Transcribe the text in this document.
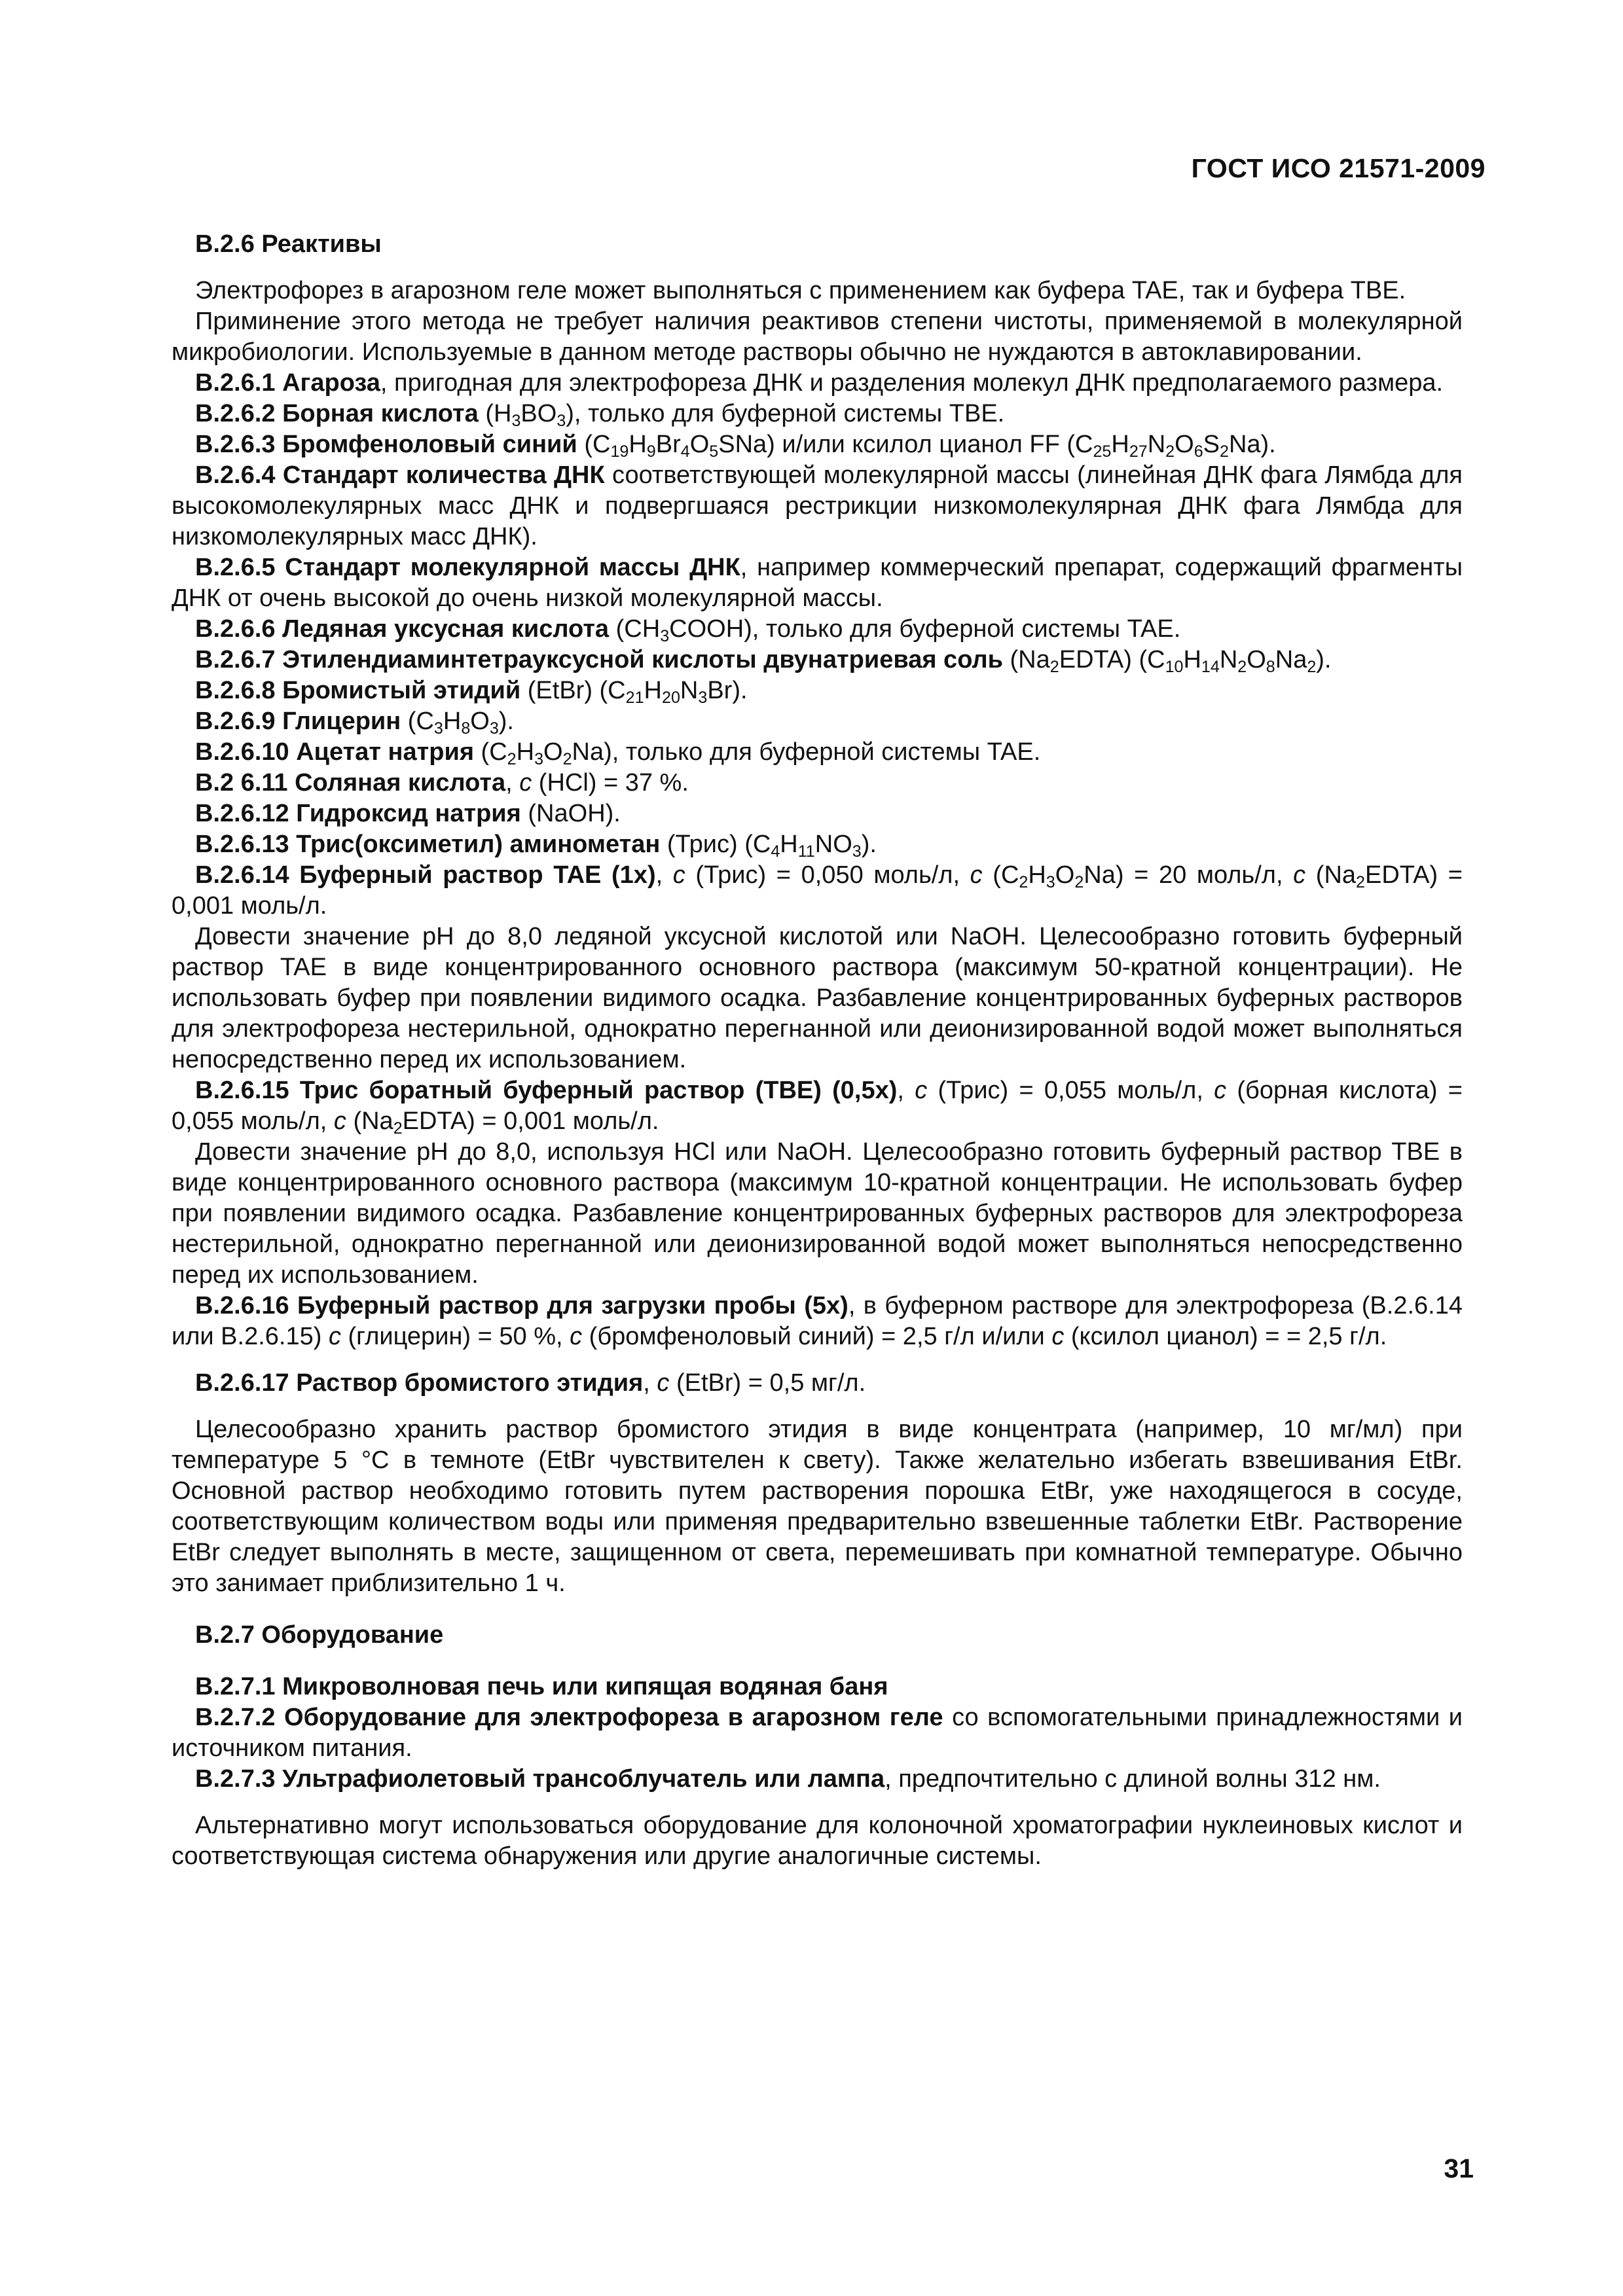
ГОСТ ИСО 21571-2009

В.2.6 Реактивы

Электрофорез в агарозном геле может выполняться с применением как буфера TAE, так и буфера TBE.

Приминение этого метода не требует наличия реактивов степени чистоты, применяемой в молекулярной микробиологии. Используемые в данном методе растворы обычно не нуждаются в автоклавировании.

В.2.6.1 Агароза, пригодная для электрофореза ДНК и разделения молекул ДНК предполагаемого размера.

В.2.6.2 Борная кислота $(H_3BO_3)$, только для буферной системы TBE.

В.2.6.3 Бромфеноловый синий $(C_{19}H_9Br_4O_5SNa)$ и/или ксилол цианол FF $(C_{25}H_{27}N_2O_6S_2Na)$.

В.2.6.4 Стандарт количества ДНК соответствующей молекулярной массы (линейная ДНК фага Лямбда для высокомолекулярных масс ДНК и подвергшаяся рестрикции низкомолекулярная ДНК фага Лямбда для низкомолекулярных масс ДНК).

В.2.6.5 Стандарт молекулярной массы ДНК, например коммерческий препарат, содержащий фрагменты ДНК от очень высокой до очень низкой молекулярной массы.

В.2.6.6 Ледяная уксусная кислота $(CH_3COOH)$, только для буферной системы TAE.

В.2.6.7 Этилендиаминтетрауксусной кислоты двунатриевая соль $(Na_2EDTA)$ $(C_{10}H_{14}N_2O_8Na_2)$.

В.2.6.8 Бромистый этидий (EtBr) $(C_{21}H_{20}N_3Br)$.

В.2.6.9 Глицерин $(C_3H_8O_3)$.

В.2.6.10 Ацетат натрия $(C_2H_3O_2Na)$, только для буферной системы TAE.

В.2 6.11 Соляная кислота, c (HCl) = 37 %.

В.2.6.12 Гидроксид натрия (NaOH).

В.2.6.13 Трис(оксиметил) аминометан (Трис) $(C_4H_{11}NO_3)$.

В.2.6.14 Буферный раствор TAE (1x), c (Трис) = 0,050 моль/л, c $(C_2H_3O_2Na) = 20$ моль/л, c $(Na_2EDTA) = 0,001$ моль/л.

Довести значение pH до 8,0 ледяной уксусной кислотой или NaOH. Целесообразно готовить буферный раствор TAE в виде концентрированного основного раствора (максимум 50-кратной концентрации). Не использовать буфер при появлении видимого осадка. Разбавление концентрированных буферных растворов для электрофореза нестерильной, однократно перегнанной или деионизированной водой может выполняться непосредственно перед их использованием.

В.2.6.15 Трис боратный буферный раствор (TBE) (0,5x), c (Трис) = 0,055 моль/л, c (борная кислота) = 0,055 моль/л, c $(Na_2EDTA) = 0,001$ моль/л.

Довести значение pH до 8,0, используя HCl или NaOH. Целесообразно готовить буферный раствор TBE в виде концентрированного основного раствора (максимум 10-кратной концентрации. Не использовать буфер при появлении видимого осадка. Разбавление концентрированных буферных растворов для электрофореза нестерильной, однократно перегнанной или деионизированной водой может выполняться непосредственно перед их использованием.

В.2.6.16 Буферный раствор для загрузки пробы (5x), в буферном растворе для электрофореза (В.2.6.14 или В.2.6.15) c (глицерин) = 50 %, c (бромфеноловый синий) = 2,5 г/л и/или c (ксилол цианол) = = 2,5 г/л.

В.2.6.17 Раствор бромистого этидия, c (EtBr) = 0,5 мг/л.

Целесообразно хранить раствор бромистого этидия в виде концентрата (например, 10 мг/мл) при температуре 5 °C в темноте (EtBr чувствителен к свету). Также желательно избегать взвешивания EtBr. Основной раствор необходимо готовить путем растворения порошка EtBr, уже находящегося в сосуде, соответствующим количеством воды или применяя предварительно взвешенные таблетки EtBr. Растворение EtBr следует выполнять в месте, защищенном от света, перемешивать при комнатной температуре. Обычно это занимает приблизительно 1 ч.

В.2.7 Оборудование

В.2.7.1 Микроволновая печь или кипящая водяная баня

В.2.7.2 Оборудование для электрофореза в агарозном геле со вспомогательными принадлежностями и источником питания.

В.2.7.3 Ультрафиолетовый трансоблучатель или лампа, предпочтительно с длиной волны 312 нм.

Альтернативно могут использоваться оборудование для колоночной хроматографии нуклеиновых кислот и соответствующая система обнаружения или другие аналогичные системы.

31
